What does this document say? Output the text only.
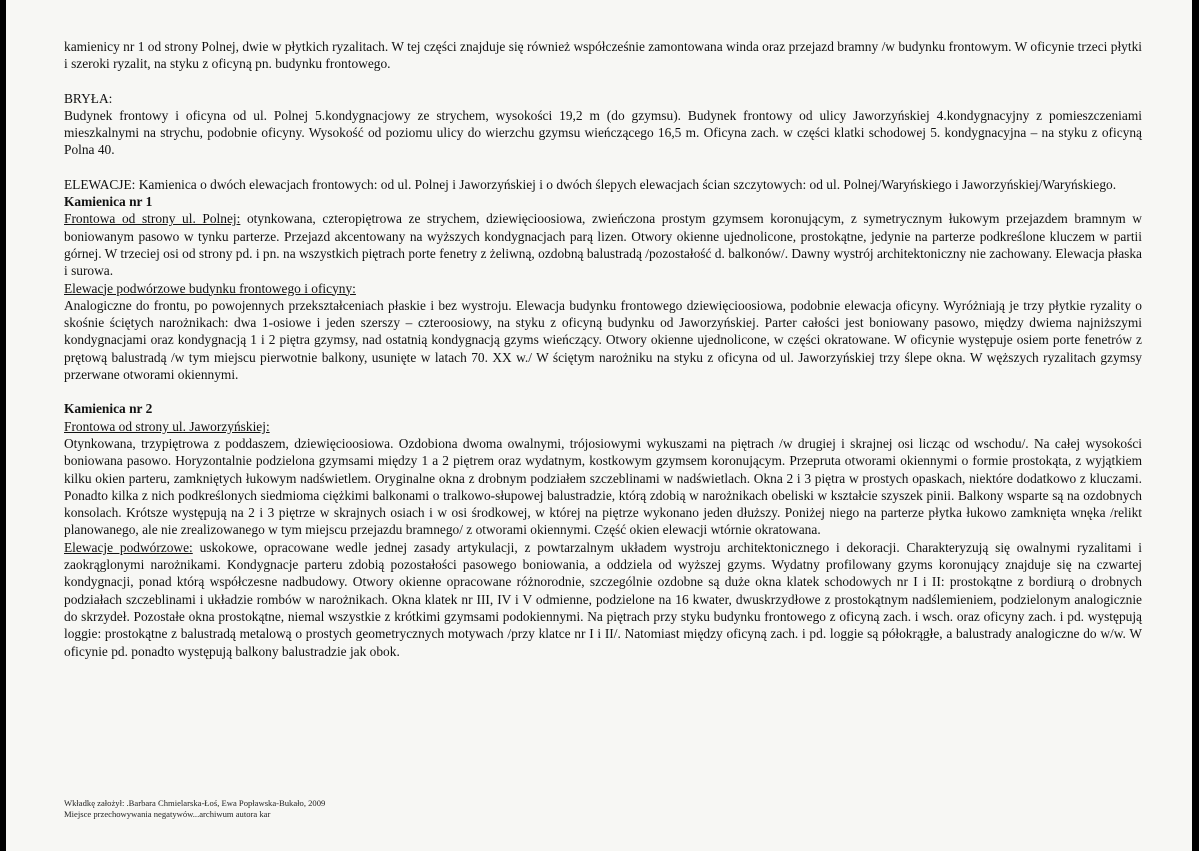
kamienicy nr 1 od strony Polnej, dwie w płytkich ryzalitach. W tej części znajduje się również współcześnie zamontowana winda oraz przejazd bramny /w budynku frontowym. W oficynie trzeci płytki i szeroki ryzalit, na styku z oficyną pn. budynku frontowego.

BRYŁA:

Budynek frontowy i oficyna od ul. Polnej 5.kondygnacjowy ze strychem, wysokości 19,2 m (do gzymsu). Budynek frontowy od ulicy Jaworzyńskiej 4.kondygnacyjny z pomieszczeniami mieszkalnymi na strychu, podobnie oficyny. Wysokość od poziomu ulicy do wierzchu gzymsu wieńczącego 16,5 m. Oficyna zach. w części klatki schodowej 5. kondygnacyjna – na styku z oficyną Polna 40.

ELEWACJE: Kamienica o dwóch elewacjach frontowych: od ul. Polnej i Jaworzyńskiej i o dwóch ślepych elewacjach ścian szczytowych: od ul. Polnej/Waryńskiego i Jaworzyńskiej/Waryńskiego.

Kamienica nr 1

Frontowa od strony ul. Polnej: otynkowana, czteropiętrowa ze strychem, dziewięcioosiowa, zwieńczona prostym gzymsem koronującym, z symetrycznym łukowym przejazdem bramnym w boniowanym pasowo w tynku parterze. Przejazd akcentowany na wyższych kondygnacjach parą lizen. Otwory okienne ujednolicone, prostokątne, jedynie na parterze podkreślone kluczem w partii górnej. W trzeciej osi od strony pd. i pn. na wszystkich piętrach porte fenetry z żeliwną, ozdobną balustradą /pozostałość d. balkonów/. Dawny wystrój architektoniczny nie zachowany. Elewacja płaska i surowa.

Elewacje podwórzowe budynku frontowego i oficyny:

Analogiczne do frontu, po powojennych przekształceniach płaskie i bez wystroju. Elewacja budynku frontowego dziewięcioosiowa, podobnie elewacja oficyny. Wyróżniają je trzy płytkie ryzality o skośnie ściętych narożnikach: dwa 1-osiowe i jeden szerszy – czteroosiowy, na styku z oficyną budynku od Jaworzyńskiej. Parter całości jest boniowany pasowo, między dwiema najniższymi kondygnacjami oraz kondygnacją 1 i 2 piętra gzymsy, nad ostatnią kondygnacją gzyms wieńczący. Otwory okienne ujednolicone, w części okratowane. W oficynie występuje osiem porte fenetrów z prętową balustradą /w tym miejscu pierwotnie balkony, usunięte w latach 70. XX w./ W ściętym narożniku na styku z oficyna od ul. Jaworzyńskiej trzy ślepe okna. W węższych ryzalitach gzymsy przerwane otworami okiennymi.

Kamienica nr 2

Frontowa od strony ul. Jaworzyńskiej:

Otynkowana, trzypiętrowa z poddaszem, dziewięcioosiowa. Ozdobiona dwoma owalnymi, trójosiowymi wykuszami na piętrach /w drugiej i skrajnej osi licząc od wschodu/. Na całej wysokości boniowana pasowo. Horyzontalnie podzielona gzymsami między 1 a 2 piętrem oraz wydatnym, kostkowym gzymsem koronującym. Przepruta otworami okiennymi o formie prostokąta, z wyjątkiem kilku okien parteru, zamkniętych łukowym nadświetlem. Oryginalne okna z drobnym podziałem szczeblinami w nadświetlach. Okna 2 i 3 piętra w prostych opaskach, niektóre dodatkowo z kluczami. Ponadto kilka z nich podkreślonych siedmioma ciężkimi balkonami o tralkowo-słupowej balustradzie, którą zdobią w narożnikach obeliski w kształcie szyszek pinii. Balkony wsparte są na ozdobnych konsolach. Krótsze występują na 2 i 3 piętrze w skrajnych osiach i w osi środkowej, w której na piętrze wykonano jeden dłuższy. Poniżej niego na parterze płytka łukowo zamknięta wnęka /relikt planowanego, ale nie zrealizowanego w tym miejscu przejazdu bramnego/ z otworami okiennymi. Część okien elewacji wtórnie okratowana.

Elewacje podwórzowe: uskokowe, opracowane wedle jednej zasady artykulacji, z powtarzalnym układem wystroju architektonicznego i dekoracji. Charakteryzują się owalnymi ryzalitami i zaokrąglonymi narożnikami. Kondygnacje parteru zdobią pozostałości pasowego boniowania, a oddziela od wyższej gzyms. Wydatny profilowany gzyms koronujący znajduje się na czwartej kondygnacji, ponad którą współczesne nadbudowy. Otwory okienne opracowane różnorodnie, szczególnie ozdobne są duże okna klatek schodowych nr I i II: prostokątne z bordiurą o drobnych podziałach szczeblinami i układzie rombów w narożnikach. Okna klatek nr III, IV i V odmienne, podzielone na 16 kwater, dwuskrzydłowe z prostokątnym nadślemieniem, podzielonym analogicznie do skrzydeł. Pozostałe okna prostokątne, niemal wszystkie z krótkimi gzymsami podokiennymi. Na piętrach przy styku budynku frontowego z oficyną zach. i wsch. oraz oficyny zach. i pd. występują loggie: prostokątne z balustradą metalową o prostych geometrycznych motywach /przy klatce nr I i II/. Natomiast między oficyną zach. i pd. loggie są półokrągłe, a balustrady analogiczne do w/w. W oficynie pd. ponadto występują balkony balustradzie jak obok.

Wkładkę założył: .Barbara Chmielarska-Łoś, Ewa Popławska-Bukało, 2009
Miejsce przechowywania negatywów...archiwum autora kar
